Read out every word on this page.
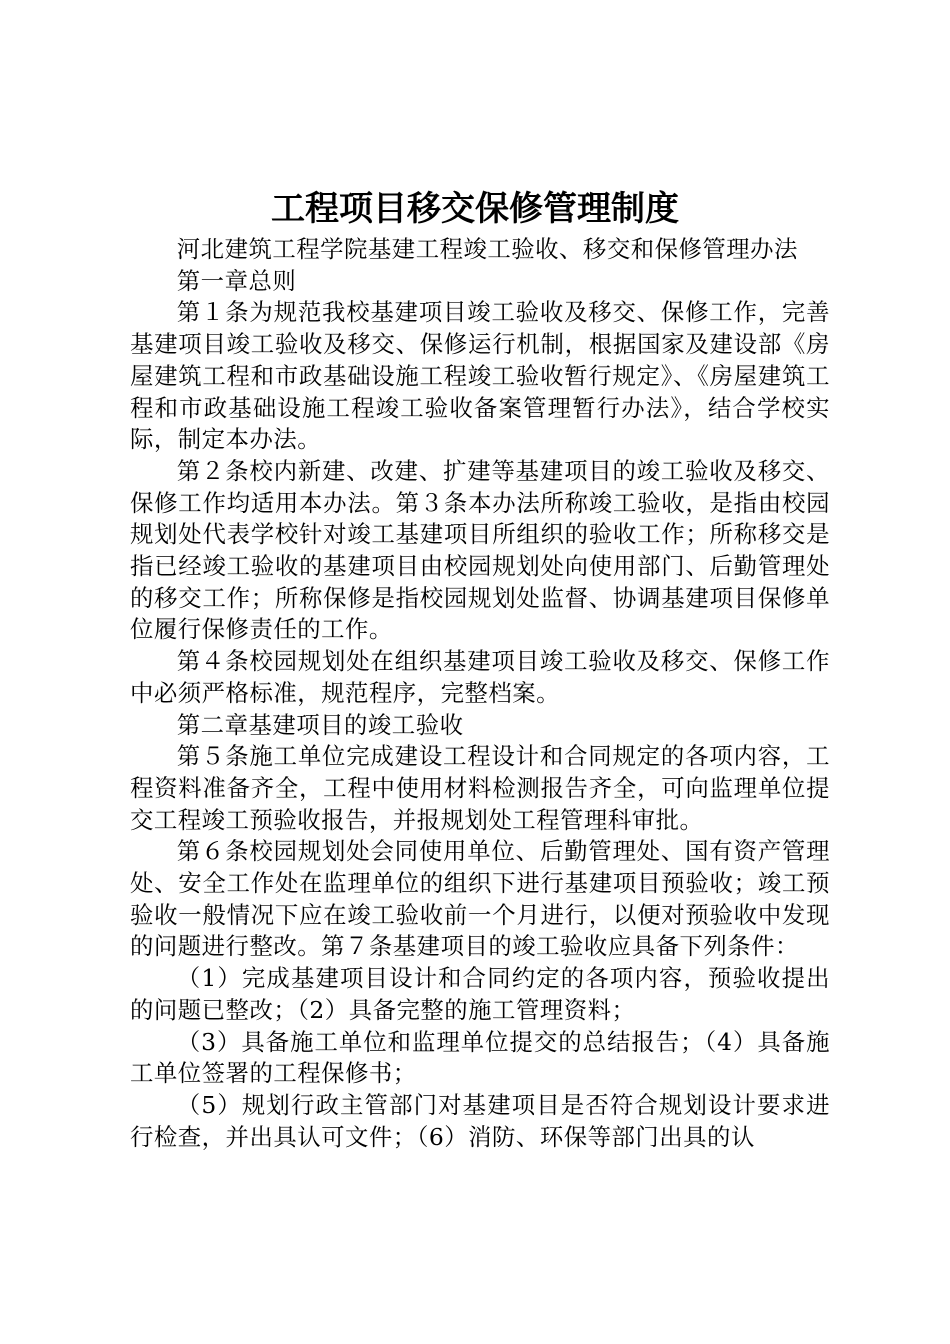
工程项目移交保修管理制度

河北建筑工程学院基建工程竣工验收、移交和保修管理办法

第一章总则

第１条为规范我校基建项目竣工验收及移交、保修工作，完善基建项目竣工验收及移交、保修运行机制，根据国家及建设部《房屋建筑工程和市政基础设施工程竣工验收暂行规定》、《房屋建筑工程和市政基础设施工程竣工验收备案管理暂行办法》，结合学校实际，制定本办法。

第２条校内新建、改建、扩建等基建项目的竣工验收及移交、保修工作均适用本办法。第３条本办法所称竣工验收，是指由校园规划处代表学校针对竣工基建项目所组织的验收工作；所称移交是指已经竣工验收的基建项目由校园规划处向使用部门、后勤管理处的移交工作；所称保修是指校园规划处监督、协调基建项目保修单位履行保修责任的工作。

第４条校园规划处在组织基建项目竣工验收及移交、保修工作中必须严格标准，规范程序，完整档案。

第二章基建项目的竣工验收

第５条施工单位完成建设工程设计和合同规定的各项内容，工程资料准备齐全，工程中使用材料检测报告齐全，可向监理单位提交工程竣工预验收报告，并报规划处工程管理科审批。

第６条校园规划处会同使用单位、后勤管理处、国有资产管理处、安全工作处在监理单位的组织下进行基建项目预验收；竣工预验收一般情况下应在竣工验收前一个月进行，以便对预验收中发现的问题进行整改。第７条基建项目的竣工验收应具备下列条件：

（1）完成基建项目设计和合同约定的各项内容，预验收提出的问题已整改；（2）具备完整的施工管理资料；

（3）具备施工单位和监理单位提交的总结报告；（4）具备施工单位签署的工程保修书；

（5）规划行政主管部门对基建项目是否符合规划设计要求进行检查，并出具认可文件；（6）消防、环保等部门出具的认
